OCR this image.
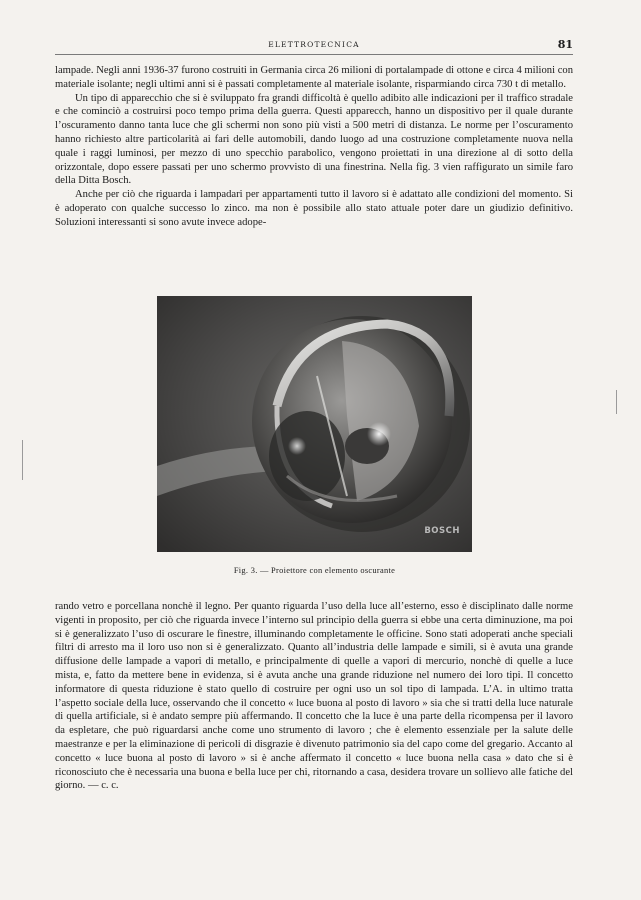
ELETTROTECNICA	81

lampade. Negli anni 1936-37 furono costruiti in Germania circa 26 milioni di portalampade di ottone e circa 4 milioni con materiale isolante; negli ultimi anni si è passati completamente al materiale isolante, risparmiando circa 730 t di metallo.

Un tipo di apparecchio che si è sviluppato fra grandi difficoltà è quello adibito alle indicazioni per il traffico stradale e che cominciò a costruirsi poco tempo prima della guerra. Questi apparecch, hanno un dispositivo per il quale durante l’oscuramento danno tanta luce che gli schermi non sono più visti a 500 metri di distanza. Le norme per l’oscuramento hanno richiesto altre particolarità ai fari delle automobili, dando luogo ad una costruzione completamente nuova nella quale i raggi luminosi, per mezzo di uno specchio parabolico, vengono proiettati in una direzione al di sotto della orizzontale, dopo essere passati per uno schermo provvisto di una finestrina. Nella fig. 3 vien raffigurato un simile faro della Ditta Bosch.

Anche per ciò che riguarda i lampadari per appartamenti tutto il lavoro si è adattato alle condizioni del momento. Si è adoperato con qualche successo lo zinco. ma non è possibile allo stato attuale poter dare un giudizio definitivo. Soluzioni interessanti si sono avute invece adope-

BOSCH
Fig. 3. — Proiettore con elemento oscurante

rando vetro e porcellana nonchè il legno. Per quanto riguarda l’uso della luce all’esterno, esso è disciplinato dalle norme vigenti in proposito, per ciò che riguarda invece l’interno sul principio della guerra si ebbe una certa diminuzione, ma poi si è generalizzato l’uso di oscurare le finestre, illuminando completamente le officine. Sono stati adoperati anche speciali filtri di arresto ma il loro uso non si è generalizzato. Quanto all’industria delle lampade e simili, si è avuta una grande diffusione delle lampade a vapori di metallo, e principalmente di quelle a vapori di mercurio, nonchè di quelle a luce mista, e, fatto da mettere bene in evidenza, si è avuta anche una grande riduzione nel numero dei loro tipi. Il concetto informatore di questa riduzione è stato quello di costruire per ogni uso un sol tipo di lampada. L’A. in ultimo tratta l’aspetto sociale della luce, osservando che il concetto « luce buona al posto di lavoro » sia che si tratti della luce naturale di quella artificiale, si è andato sempre più affermando. Il concetto che la luce è una parte della ricompensa per il lavoro da espletare, che può riguardarsi anche come uno strumento di lavoro ; che è elemento essenziale per la salute delle maestranze e per la eliminazione di pericoli di disgrazie è divenuto patrimonio sia del capo come del gregario. Accanto al concetto « luce buona al posto di lavoro » si è anche affermato il concetto « luce buona nella casa » dato che si è riconosciuto che è necessaria una buona e bella luce per chi, ritornando a casa, desidera trovare un sollievo alle fatiche del giorno. — c. c.
